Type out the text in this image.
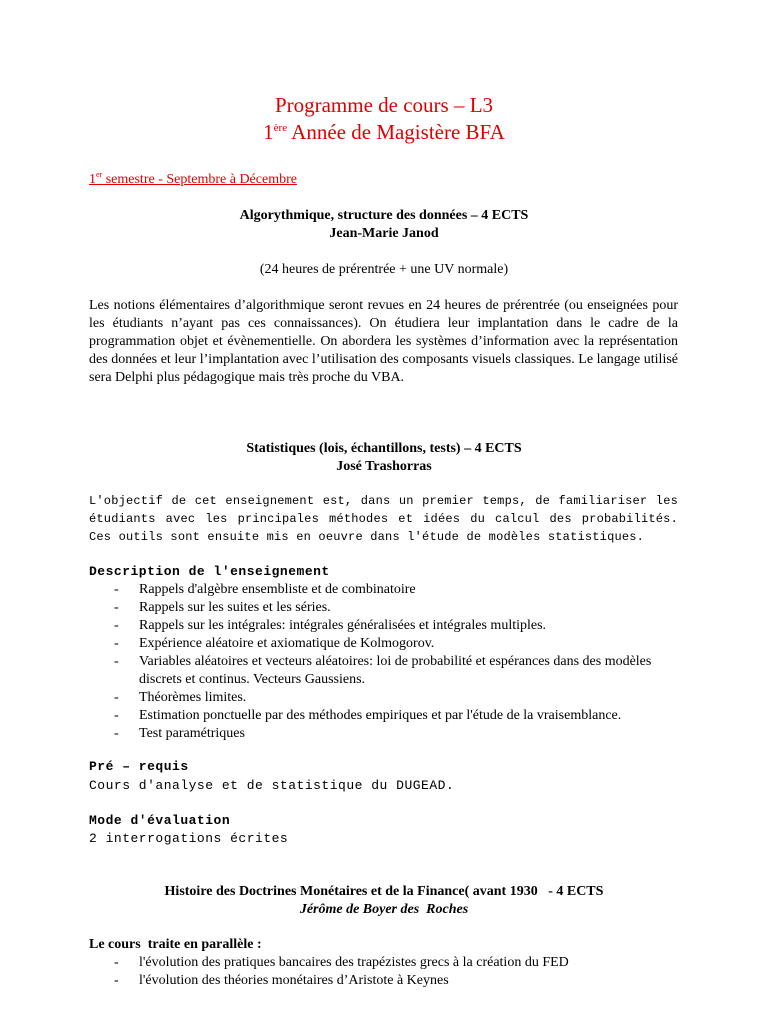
Programme de cours – L3
1ère Année de Magistère BFA
1er semestre - Septembre à Décembre
Algorythmique, structure des données – 4 ECTS
Jean-Marie Janod
(24 heures de prérentrée + une UV normale)
Les notions élémentaires d’algorithmique seront revues en 24 heures de prérentrée (ou enseignées pour les étudiants n’ayant pas ces connaissances). On étudiera leur implantation dans le cadre de la programmation objet et évènementielle. On abordera les systèmes d’information avec la représentation des données et leur l’implantation avec l’utilisation des composants visuels classiques. Le langage utilisé sera Delphi plus pédagogique mais très proche du VBA.
Statistiques (lois, échantillons, tests) – 4 ECTS
José Trashorras
L'objectif de cet enseignement est, dans un premier temps, de familiariser les étudiants avec les principales méthodes et idées du calcul des probabilités. Ces outils sont ensuite mis en oeuvre dans l'étude de modèles statistiques.
Description de l'enseignement
- Rappels d'algèbre ensembliste et de combinatoire
- Rappels sur les suites et les séries.
- Rappels sur les intégrales: intégrales généralisées et intégrales multiples.
- Expérience aléatoire et axiomatique de Kolmogorov.
- Variables aléatoires et vecteurs aléatoires: loi de probabilité et espérances dans des modèles discrets et continus. Vecteurs Gaussiens.
- Théorèmes limites.
- Estimation ponctuelle par des méthodes empiriques et par l'étude de la vraisemblance.
- Test paramétriques
Pré – requis
Cours d'analyse et de statistique du DUGEAD.
Mode d'évaluation
2 interrogations écrites
Histoire des Doctrines Monétaires et de la Finance( avant 1930   - 4 ECTS
Jérôme de Boyer des  Roches
Le cours  traite en parallèle :
- l'évolution des pratiques bancaires des trapézistes grecs à la création du FED
- l'évolution des théories monétaires d’Aristote à Keynes
